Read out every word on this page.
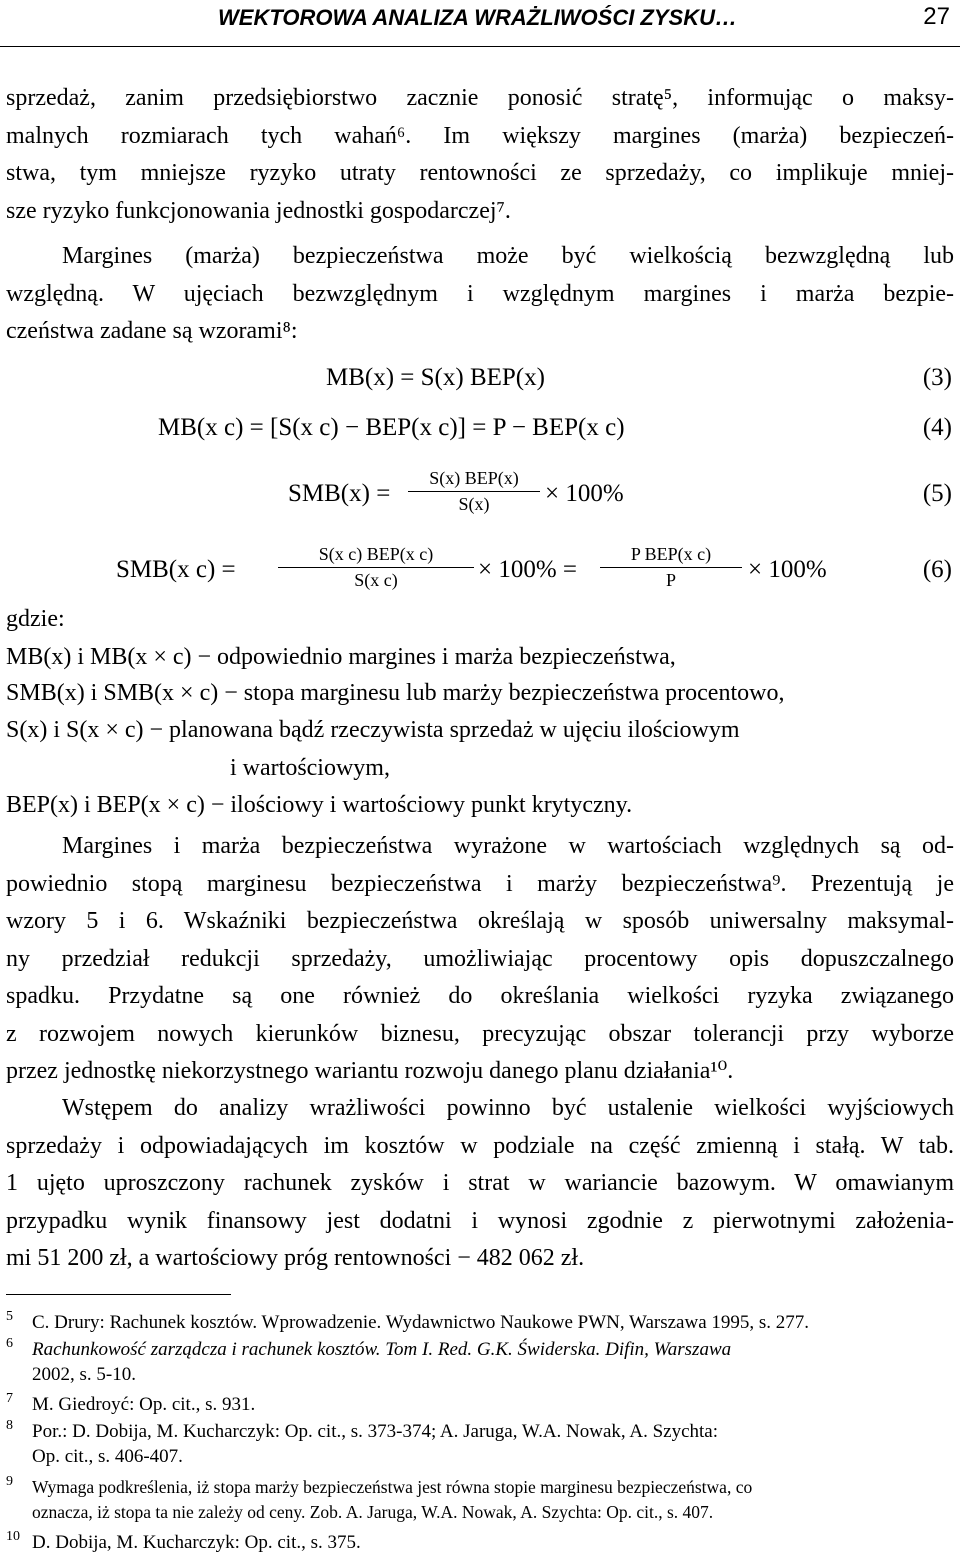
WEKTOROWA ANALIZA WRAŻLIWOŚCI ZYSKU…	27
sprzedaż, zanim przedsiębiorstwo zacznie ponosić stratę⁵, informując o maksy-
malnych rozmiarach tych wahań⁶. Im większy margines (marża) bezpieczeń-
stwa, tym mniejsze ryzyko utraty rentowności ze sprzedaży, co implikuje mniej-
sze ryzyko funkcjonowania jednostki gospodarczej⁷.
Margines (marża) bezpieczeństwa może być wielkością bezwzględną lub
względną. W ujęciach bezwzględnym i względnym margines i marża bezpie-
czeństwa zadane są wzorami⁸:
MB(x) = S(x) BEP(x)	(3)
MB(x c) = [S(x c) − BEP(x c)] = P − BEP(x c)	(4)
SMB(x) =
S(x) BEP(x)
S(x)	× 100%	(5)
SMB(x c) =
S(x c) BEP(x c)
S(x c)	× 100% =
P BEP(x c)
P	× 100%	(6)
gdzie:
MB(x) i MB(x × c) − odpowiednio margines i marża bezpieczeństwa,
SMB(x) i SMB(x × c) − stopa marginesu lub marży bezpieczeństwa procentowo,
S(x) i S(x × c) − planowana bądź rzeczywista sprzedaż w ujęciu ilościowym
i wartościowym,
BEP(x) i BEP(x × c) − ilościowy i wartościowy punkt krytyczny.
Margines i marża bezpieczeństwa wyrażone w wartościach względnych są od-
powiednio stopą marginesu bezpieczeństwa i marży bezpieczeństwa⁹. Prezentują je
wzory 5 i 6. Wskaźniki bezpieczeństwa określają w sposób uniwersalny maksymal-
ny przedział redukcji sprzedaży, umożliwiając procentowy opis dopuszczalnego
spadku. Przydatne są one również do określania wielkości ryzyka związanego
z rozwojem nowych kierunków biznesu, precyzując obszar tolerancji przy wyborze
przez jednostkę niekorzystnego wariantu rozwoju danego planu działania¹⁰.
Wstępem do analizy wrażliwości powinno być ustalenie wielkości wyjściowych
sprzedaży i odpowiadających im kosztów w podziale na część zmienną i stałą. W tab.
1 ujęto uproszczony rachunek zysków i strat w wariancie bazowym. W omawianym
przypadku wynik finansowy jest dodatni i wynosi zgodnie z pierwotnymi założenia-
mi 51 200 zł, a wartościowy próg rentowności − 482 062 zł.
5 C. Drury: Rachunek kosztów. Wprowadzenie. Wydawnictwo Naukowe PWN, Warszawa 1995, s. 277.
6 Rachunkowość zarządcza i rachunek kosztów. Tom I. Red. G.K. Świderska. Difin, Warszawa
2002, s. 5-10.
7 M. Giedroyć: Op. cit., s. 931.
8 Por.: D. Dobija, M. Kucharczyk: Op. cit., s. 373-374; A. Jaruga, W.A. Nowak, A. Szychta:
Op. cit., s. 406-407.
9 Wymaga podkreślenia, iż stopa marży bezpieczeństwa jest równa stopie marginesu bezpieczeństwa, co
oznacza, iż stopa ta nie zależy od ceny. Zob. A. Jaruga, W.A. Nowak, A. Szychta: Op. cit., s. 407.
10 D. Dobija, M. Kucharczyk: Op. cit., s. 375.
